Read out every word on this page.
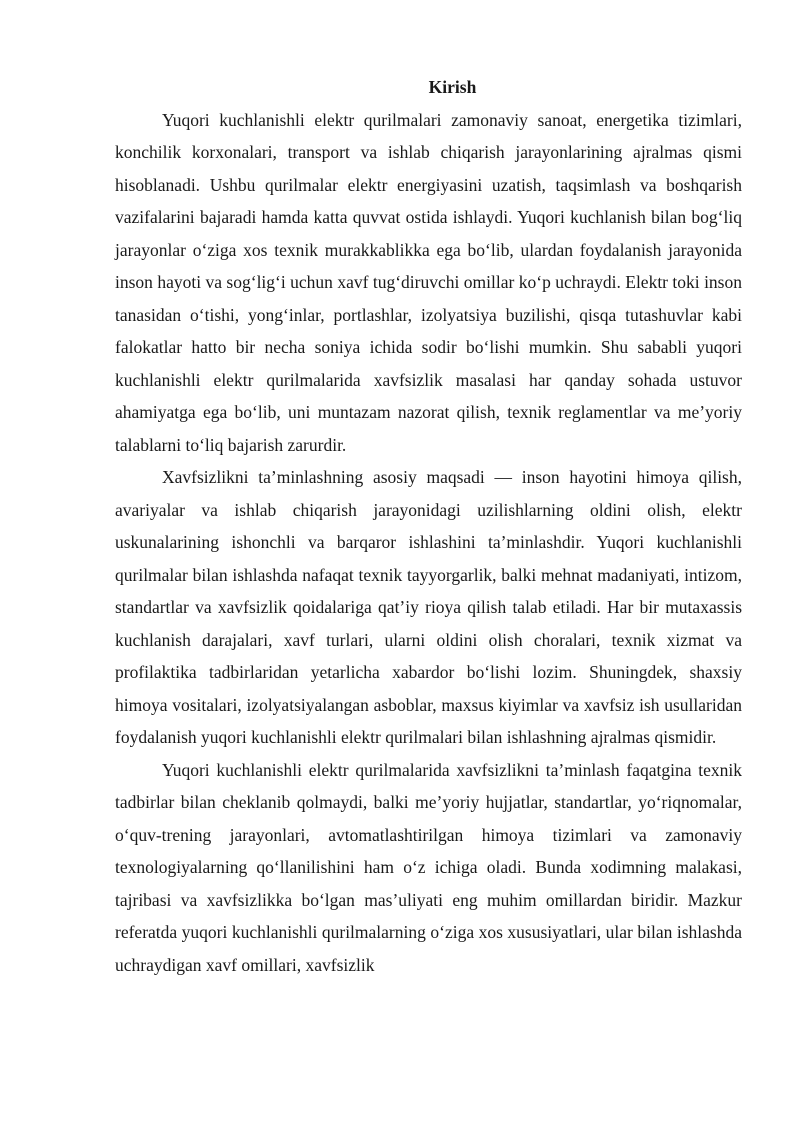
Kirish

Yuqori kuchlanishli elektr qurilmalari zamonaviy sanoat, energetika tizimlari, konchilik korxonalari, transport va ishlab chiqarish jarayonlarining ajralmas qismi hisoblanadi. Ushbu qurilmalar elektr energiyasini uzatish, taqsimlash va boshqarish vazifalarini bajaradi hamda katta quvvat ostida ishlaydi. Yuqori kuchlanish bilan bog‘liq jarayonlar o‘ziga xos texnik murakkablikka ega bo‘lib, ulardan foydalanish jarayonida inson hayoti va sog‘lig‘i uchun xavf tug‘diruvchi omillar ko‘p uchraydi. Elektr toki inson tanasidan o‘tishi, yong‘inlar, portlashlar, izolyatsiya buzilishi, qisqa tutashuvlar kabi falokatlar hatto bir necha soniya ichida sodir bo‘lishi mumkin. Shu sababli yuqori kuchlanishli elektr qurilmalarida xavfsizlik masalasi har qanday sohada ustuvor ahamiyatga ega bo‘lib, uni muntazam nazorat qilish, texnik reglamentlar va me’yoriy talablarni to‘liq bajarish zarurdir.

Xavfsizlikni ta’minlashning asosiy maqsadi — inson hayotini himoya qilish, avariyalar va ishlab chiqarish jarayonidagi uzilishlarning oldini olish, elektr uskunalarining ishonchli va barqaror ishlashini ta’minlashdir. Yuqori kuchlanishli qurilmalar bilan ishlashda nafaqat texnik tayyorgarlik, balki mehnat madaniyati, intizom, standartlar va xavfsizlik qoidalariga qat’iy rioya qilish talab etiladi. Har bir mutaxassis kuchlanish darajalari, xavf turlari, ularni oldini olish choralari, texnik xizmat va profilaktika tadbirlaridan yetarlicha xabardor bo‘lishi lozim. Shuningdek, shaxsiy himoya vositalari, izolyatsiyalangan asboblar, maxsus kiyimlar va xavfsiz ish usullaridan foydalanish yuqori kuchlanishli elektr qurilmalari bilan ishlashning ajralmas qismidir.

Yuqori kuchlanishli elektr qurilmalarida xavfsizlikni ta’minlash faqatgina texnik tadbirlar bilan cheklanib qolmaydi, balki me’yoriy hujjatlar, standartlar, yo‘riqnomalar, o‘quv-trening jarayonlari, avtomatlashtirilgan himoya tizimlari va zamonaviy texnologiyalarning qo‘llanilishini ham o‘z ichiga oladi. Bunda xodimning malakasi, tajribasi va xavfsizlikka bo‘lgan mas’uliyati eng muhim omillardan biridir. Mazkur referatda yuqori kuchlanishli qurilmalarning o‘ziga xos xususiyatlari, ular bilan ishlashda uchraydigan xavf omillari, xavfsizlik
